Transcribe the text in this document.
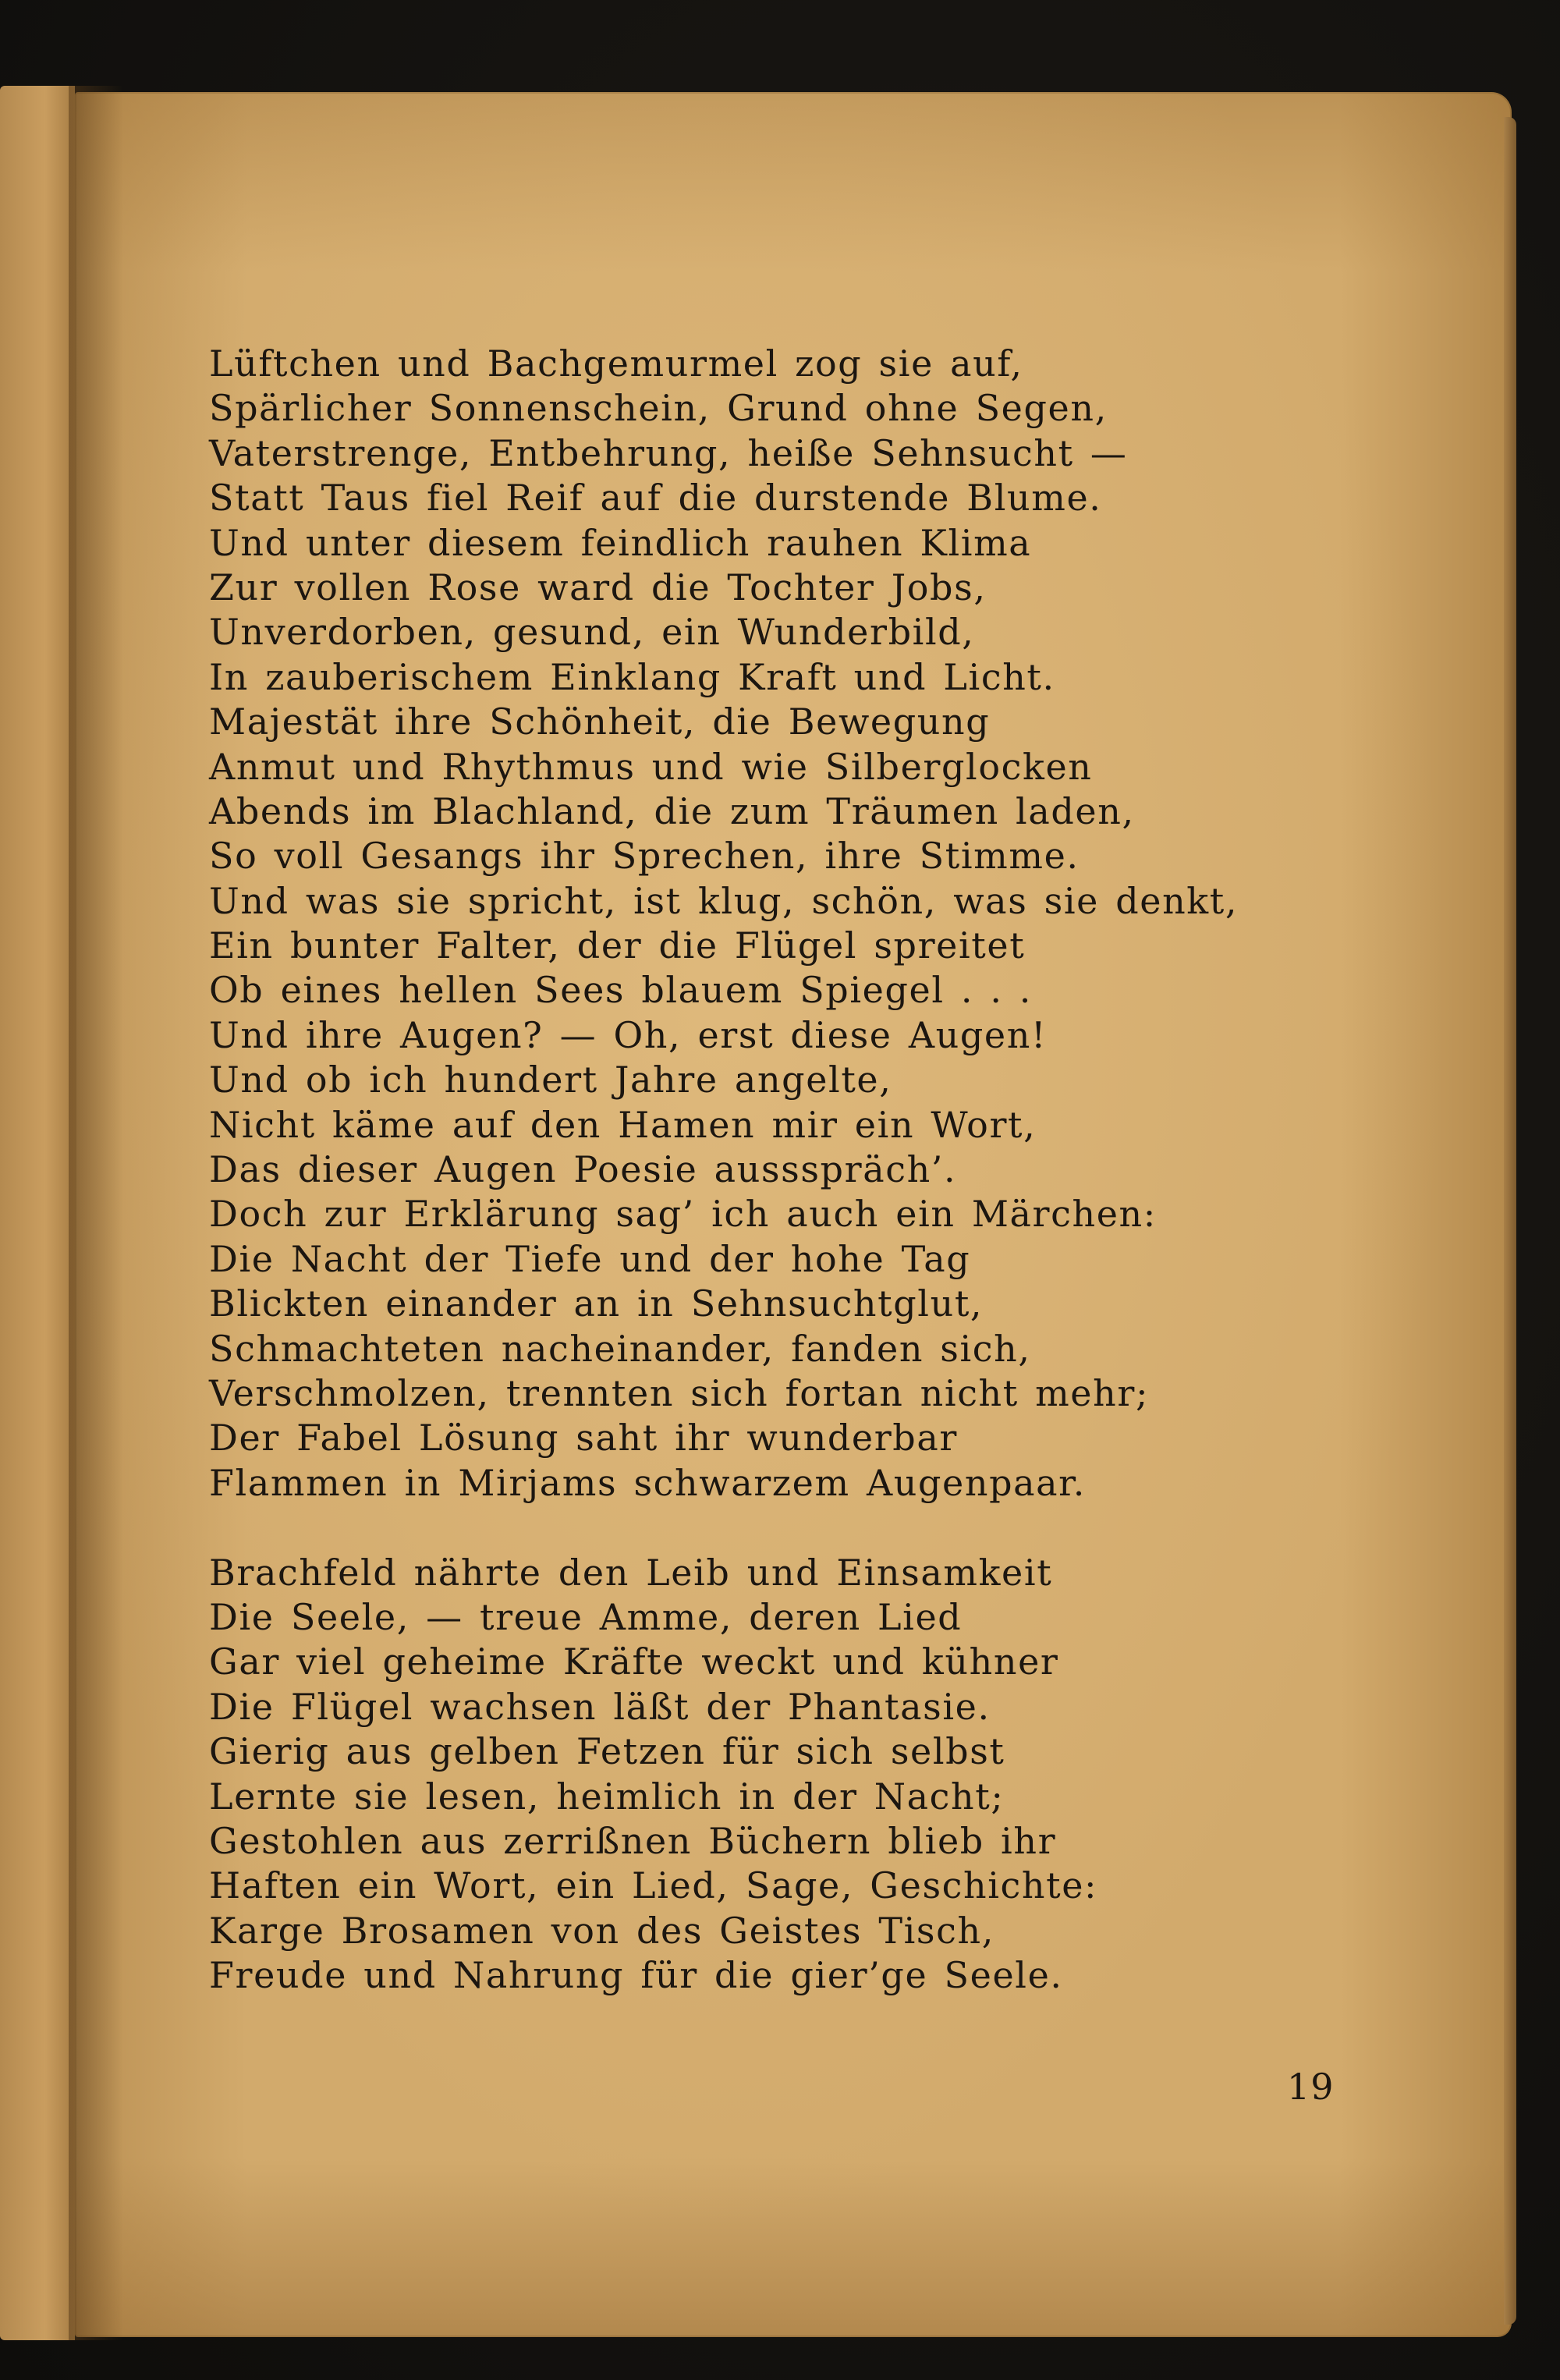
Lüftchen und Bachgemurmel zog sie auf,
Spärlicher Sonnenschein, Grund ohne Segen,
Vaterstrenge, Entbehrung, heiße Sehnsucht —
Statt Taus fiel Reif auf die durstende Blume.
Und unter diesem feindlich rauhen Klima
Zur vollen Rose ward die Tochter Jobs,
Unverdorben, gesund, ein Wunderbild,
In zauberischem Einklang Kraft und Licht.
Majestät ihre Schönheit, die Bewegung
Anmut und Rhythmus und wie Silberglocken
Abends im Blachland, die zum Träumen laden,
So voll Gesangs ihr Sprechen, ihre Stimme.
Und was sie spricht, ist klug, schön, was sie denkt,
Ein bunter Falter, der die Flügel spreitet
Ob eines hellen Sees blauem Spiegel . . .
Und ihre Augen? — Oh, erst diese Augen!
Und ob ich hundert Jahre angelte,
Nicht käme auf den Hamen mir ein Wort,
Das dieser Augen Poesie aussspräch’.
Doch zur Erklärung sag’ ich auch ein Märchen:
Die Nacht der Tiefe und der hohe Tag
Blickten einander an in Sehnsuchtglut,
Schmachteten nacheinander, fanden sich,
Verschmolzen, trennten sich fortan nicht mehr;
Der Fabel Lösung saht ihr wunderbar
Flammen in Mirjams schwarzem Augenpaar.
Brachfeld nährte den Leib und Einsamkeit
Die Seele, — treue Amme, deren Lied
Gar viel geheime Kräfte weckt und kühner
Die Flügel wachsen läßt der Phantasie.
Gierig aus gelben Fetzen für sich selbst
Lernte sie lesen, heimlich in der Nacht;
Gestohlen aus zerrißnen Büchern blieb ihr
Haften ein Wort, ein Lied, Sage, Geschichte:
Karge Brosamen von des Geistes Tisch,
Freude und Nahrung für die gier’ge Seele.
19
